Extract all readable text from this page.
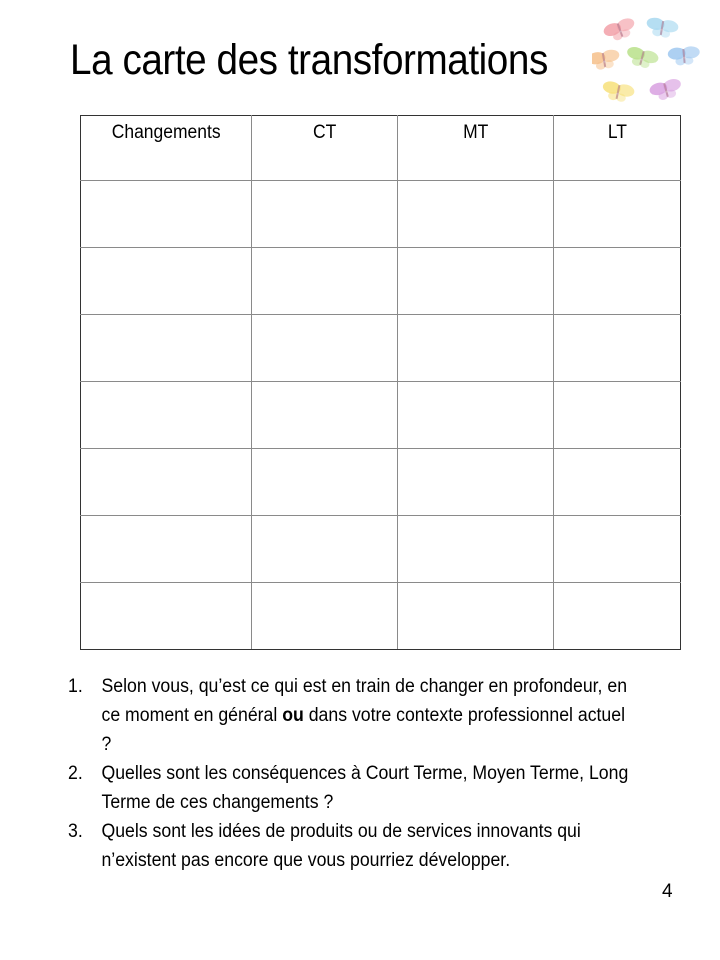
La carte des transformations
Changements	CT	MT	LT

1. Selon vous, qu’est ce qui est en train de changer en profondeur, en ce moment en général ou dans votre contexte professionnel actuel ?
2. Quelles sont les conséquences à Court Terme, Moyen Terme, Long Terme de ces changements ?
3. Quels sont les idées de produits ou de services innovants qui n’existent pas encore que vous pourriez développer.
4
